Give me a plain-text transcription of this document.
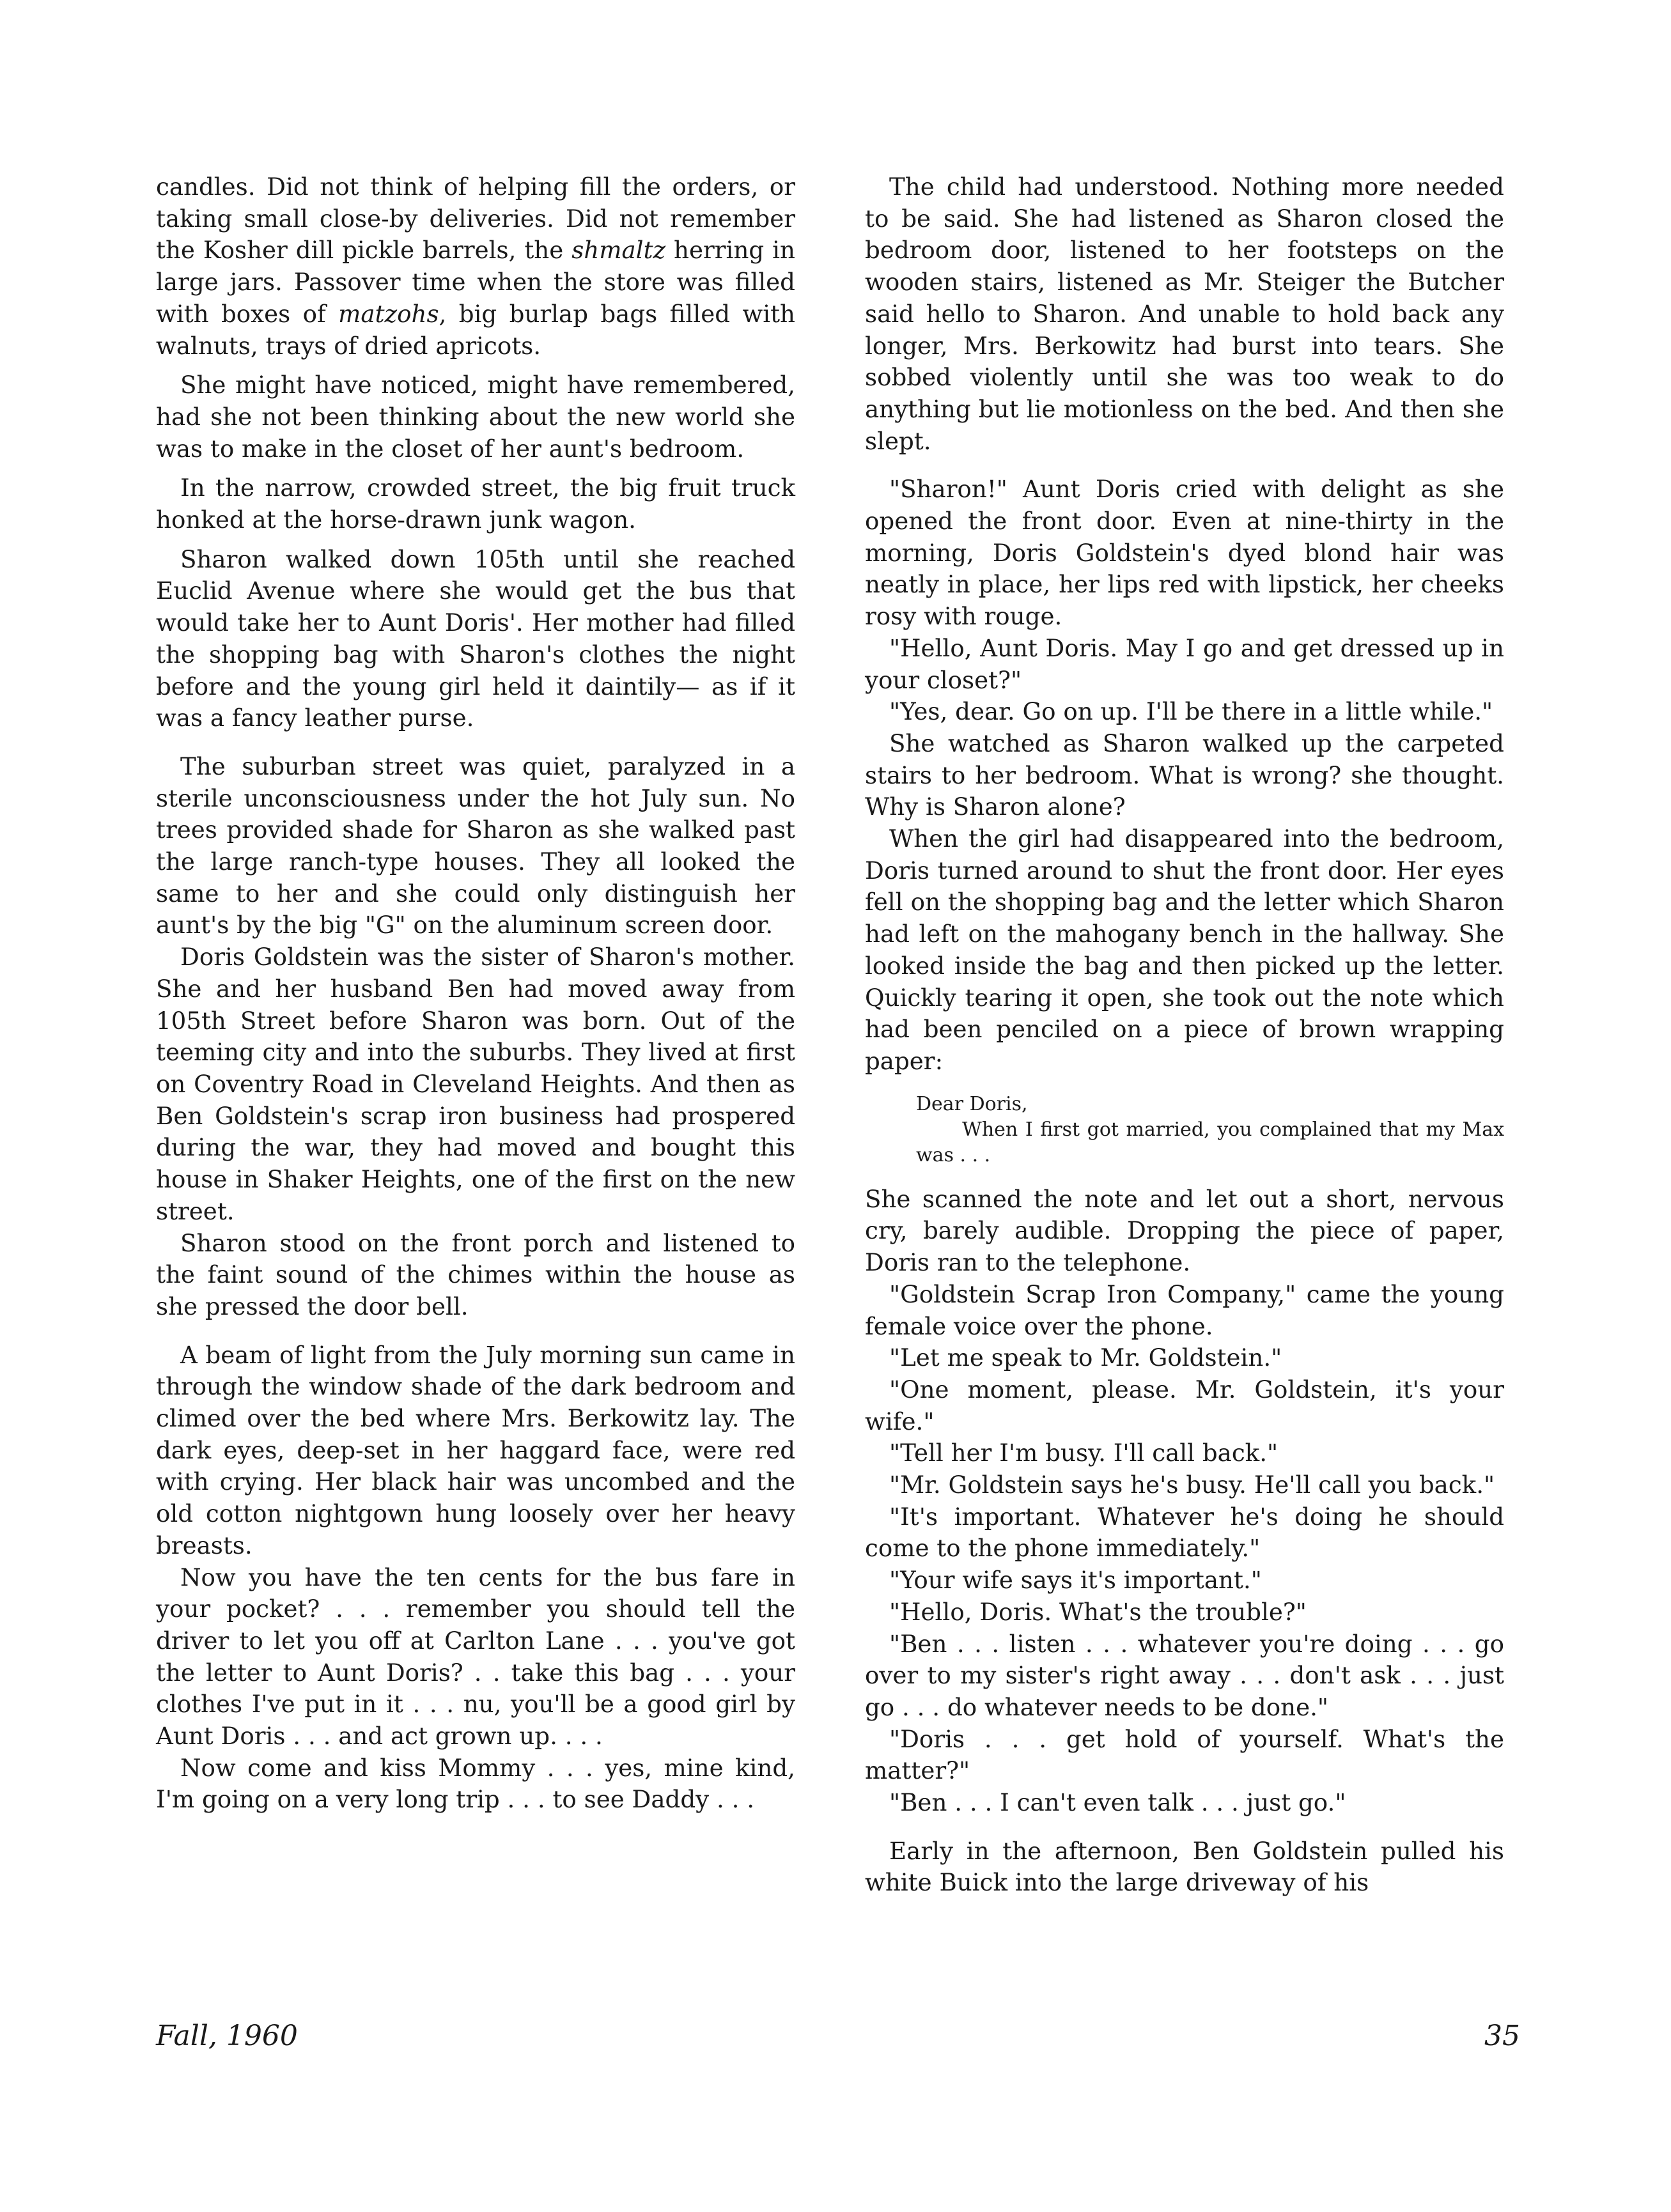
candles. Did not think of helping fill the orders, or taking small close-by deliveries. Did not remember the Kosher dill pickle barrels, the shmaltz herring in large jars. Passover time when the store was filled with boxes of matzohs, big burlap bags filled with walnuts, trays of dried apricots.

She might have noticed, might have remembered, had she not been thinking about the new world she was to make in the closet of her aunt's bedroom.

In the narrow, crowded street, the big fruit truck honked at the horse-drawn junk wagon.

Sharon walked down 105th until she reached Euclid Avenue where she would get the bus that would take her to Aunt Doris'. Her mother had filled the shopping bag with Sharon's clothes the night before and the young girl held it daintily— as if it was a fancy leather purse.

The suburban street was quiet, paralyzed in a sterile unconsciousness under the hot July sun. No trees provided shade for Sharon as she walked past the large ranch-type houses. They all looked the same to her and she could only distinguish her aunt's by the big "G" on the aluminum screen door.

Doris Goldstein was the sister of Sharon's mother. She and her husband Ben had moved away from 105th Street before Sharon was born. Out of the teeming city and into the suburbs. They lived at first on Coventry Road in Cleveland Heights. And then as Ben Goldstein's scrap iron business had prospered during the war, they had moved and bought this house in Shaker Heights, one of the first on the new street.

Sharon stood on the front porch and listened to the faint sound of the chimes within the house as she pressed the door bell.

A beam of light from the July morning sun came in through the window shade of the dark bedroom and climed over the bed where Mrs. Berkowitz lay. The dark eyes, deep-set in her haggard face, were red with crying. Her black hair was uncombed and the old cotton nightgown hung loosely over her heavy breasts.

Now you have the ten cents for the bus fare in your pocket? . . . remember you should tell the driver to let you off at Carlton Lane . . . you've got the letter to Aunt Doris? . . take this bag . . . your clothes I've put in it . . . nu, you'll be a good girl by Aunt Doris . . . and act grown up. . . .

Now come and kiss Mommy . . . yes, mine kind, I'm going on a very long trip . . . to see Daddy . . .

The child had understood. Nothing more needed to be said. She had listened as Sharon closed the bedroom door, listened to her footsteps on the wooden stairs, listened as Mr. Steiger the Butcher said hello to Sharon. And unable to hold back any longer, Mrs. Berkowitz had burst into tears. She sobbed violently until she was too weak to do anything but lie motionless on the bed. And then she slept.

"Sharon!" Aunt Doris cried with delight as she opened the front door. Even at nine-thirty in the morning, Doris Goldstein's dyed blond hair was neatly in place, her lips red with lipstick, her cheeks rosy with rouge.

"Hello, Aunt Doris. May I go and get dressed up in your closet?"

"Yes, dear. Go on up. I'll be there in a little while."

She watched as Sharon walked up the carpeted stairs to her bedroom. What is wrong? she thought. Why is Sharon alone?

When the girl had disappeared into the bedroom, Doris turned around to shut the front door. Her eyes fell on the shopping bag and the letter which Sharon had left on the mahogany bench in the hallway. She looked inside the bag and then picked up the letter. Quickly tearing it open, she took out the note which had been penciled on a piece of brown wrapping paper:

Dear Doris,

When I first got married, you complained that my Max was . . .

She scanned the note and let out a short, nervous cry, barely audible. Dropping the piece of paper, Doris ran to the telephone.

"Goldstein Scrap Iron Company," came the young female voice over the phone.

"Let me speak to Mr. Goldstein."

"One moment, please. Mr. Goldstein, it's your wife."

"Tell her I'm busy. I'll call back."

"Mr. Goldstein says he's busy. He'll call you back."

"It's important. Whatever he's doing he should come to the phone immediately."

"Your wife says it's important."

"Hello, Doris. What's the trouble?"

"Ben . . . listen . . . whatever you're doing . . . go over to my sister's right away . . . don't ask . . . just go . . . do whatever needs to be done."

"Doris . . . get hold of yourself. What's the matter?"

"Ben . . . I can't even talk . . . just go."

Early in the afternoon, Ben Goldstein pulled his white Buick into the large driveway of his

Fall, 1960	35
